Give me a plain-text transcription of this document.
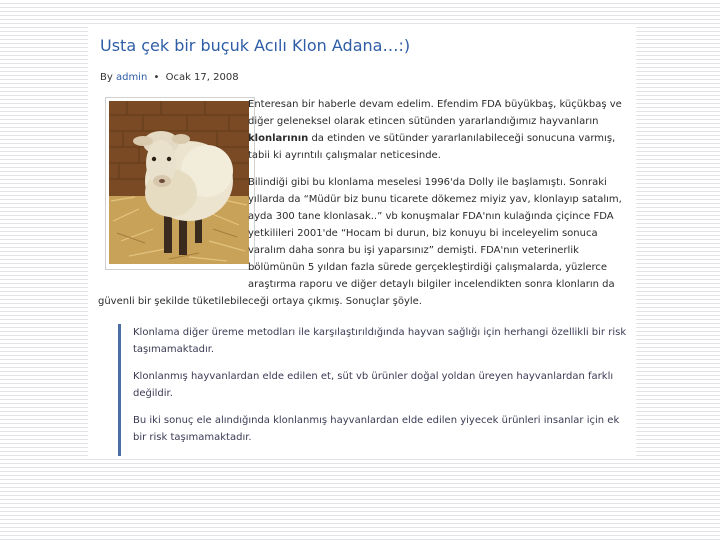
Usta çek bir buçuk Acılı Klon Adana…:)
By admin • Ocak 17, 2008

Enteresan bir haberle devam edelim. Efendim FDA büyükbaş, küçükbaş ve diğer geleneksel olarak etincen sütünden yararlandığımız hayvanların klonlarının da etinden ve sütünder yararlanılabileceği sonucuna varmış, tabii ki ayrıntılı çalışmalar neticesinde.

Bilindiği gibi bu klonlama meselesi 1996'da Dolly ile başlamıştı. Sonraki yıllarda da “Müdür biz bunu ticarete dökemez miyiz yav, klonlayıp satalım, ayda 300 tane klonlasak..” vb konuşmalar FDA'nın kulağında çiçince FDA yetkilileri 2001'de “Hocam bi durun, biz konuyu bi inceleyelim sonuca varalım daha sonra bu işi yaparsınız” demişti. FDA'nın veterinerlik bölümünün 5 yıldan fazla sürede gerçekleştirdiği çalışmalarda, yüzlerce araştırma raporu ve diğer detaylı bilgiler incelendikten sonra klonların da güvenli bir şekilde tüketilebileceği ortaya çıkmış. Sonuçlar şöyle.

Klonlama diğer üreme metodları ile karşılaştırıldığında hayvan sağlığı için herhangi özellikli bir risk taşımamaktadır.

Klonlanmış hayvanlardan elde edilen et, süt vb ürünler doğal yoldan üreyen hayvanlardan farklı değildir.

Bu iki sonuç ele alındığında klonlanmış hayvanlardan elde edilen yiyecek ürünleri insanlar için ek bir risk taşımamaktadır.
